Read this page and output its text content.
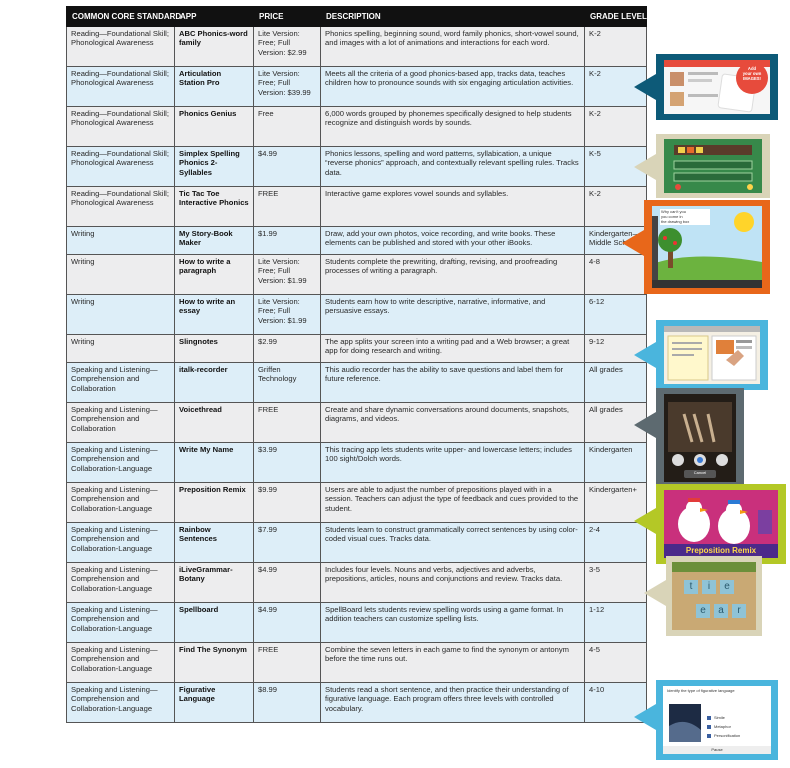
COMMON CORE STANDARD	APP	PRICE	DESCRIPTION	GRADE LEVEL
Reading—Foundational Skill; Phonological Awareness	ABC Phonics-word family	Lite Version: Free; Full Version: $2.99	Phonics spelling, beginning sound, word family phonics, short-vowel sound, and images with a lot of animations and interactions for each word.	K-2
Reading—Foundational Skill; Phonological Awareness	Articulation Station Pro	Lite Version: Free; Full Version: $39.99	Meets all the criteria of a good phonics-based app, tracks data, teaches children how to pronounce sounds with six engaging articulation activities.	K-2
Reading—Foundational Skill; Phonological Awareness	Phonics Genius	Free	6,000 words grouped by phonemes specifically designed to help students recognize and distinguish words by sounds.	K-2
Reading—Foundational Skill; Phonological Awareness	Simplex Spelling Phonics 2-Syllables	$4.99	Phonics lessons, spelling and word patterns, syllabication, a unique “reverse phonics” approach, and contextually relevant spelling rules. Tracks data.	K-5
Reading—Foundational Skill; Phonological Awareness	Tic Tac Toe Interactive Phonics	FREE	Interactive game explores vowel sounds and syllables.	K-2
Writing	My Story-Book Maker	$1.99	Draw, add your own photos, voice recording, and write books. These elements can be published and stored with your other iBooks.	Kindergarten– Middle School
Writing	How to write a paragraph	Lite Version: Free; Full Version: $1.99	Students complete the prewriting, drafting, revising, and proofreading processes of writing a paragraph.	4-8
Writing	How to write an essay	Lite Version: Free; Full Version: $1.99	Students earn how to write descriptive, narrative, informative, and persuasive essays.	6-12
Writing	Slingnotes	$2.99	The app splits your screen into a writing pad and a Web browser; a great app for doing research and writing.	9-12
Speaking and Listening—Comprehension and Collaboration	italk-recorder	Griffen Technology	This audio recorder has the ability to save questions and label them for future reference.	All grades
Speaking and Listening—Comprehension and Collaboration	Voicethread	FREE	Create and share dynamic conversations around documents, snapshots, diagrams, and videos.	All grades
Speaking and Listening—Comprehension and Collaboration-Language	Write My Name	$3.99	This tracing app lets students write upper- and lowercase letters; includes 100 sight/Dolch words.	Kindergarten
Speaking and Listening—Comprehension and Collaboration-Language	Preposition Remix	$9.99	Users are able to adjust the number of prepositions played with in a session. Teachers can adjust the type of feedback and cues provided to the student.	Kindergarten+
Speaking and Listening—Comprehension and Collaboration-Language	Rainbow Sentences	$7.99	Students learn to construct grammatically correct sentences by using color-coded visual cues. Tracks data.	2-4
Speaking and Listening—Comprehension and Collaboration-Language	iLiveGrammar-Botany	$4.99	Includes four levels. Nouns and verbs, adjectives and adverbs, prepositions, articles, nouns and conjunctions and review. Tracks data.	3-5
Speaking and Listening—Comprehension and Collaboration-Language	Spellboard	$4.99	SpellBoard lets students review spelling words using a game format. In addition teachers can customize spelling lists.	1-12
Speaking and Listening—Comprehension and Collaboration-Language	Find The Synonym	FREE	Combine the seven letters in each game to find the synonym or antonym before the time runs out.	4-5
Speaking and Listening—Comprehension and Collaboration-Language	Figurative Language	$8.99	Students read a short sentence, and then practice their understanding of figurative language. Each program offers three levels with controlled vocabulary.	4-10
Add
your own
IMAGES!
Why can't you
you come in
the drawing box
Cancel
Preposition Remix
t	i	e
e	a	r
Identify the type of figurative language
Simile
Metaphor
Personification
Pause
